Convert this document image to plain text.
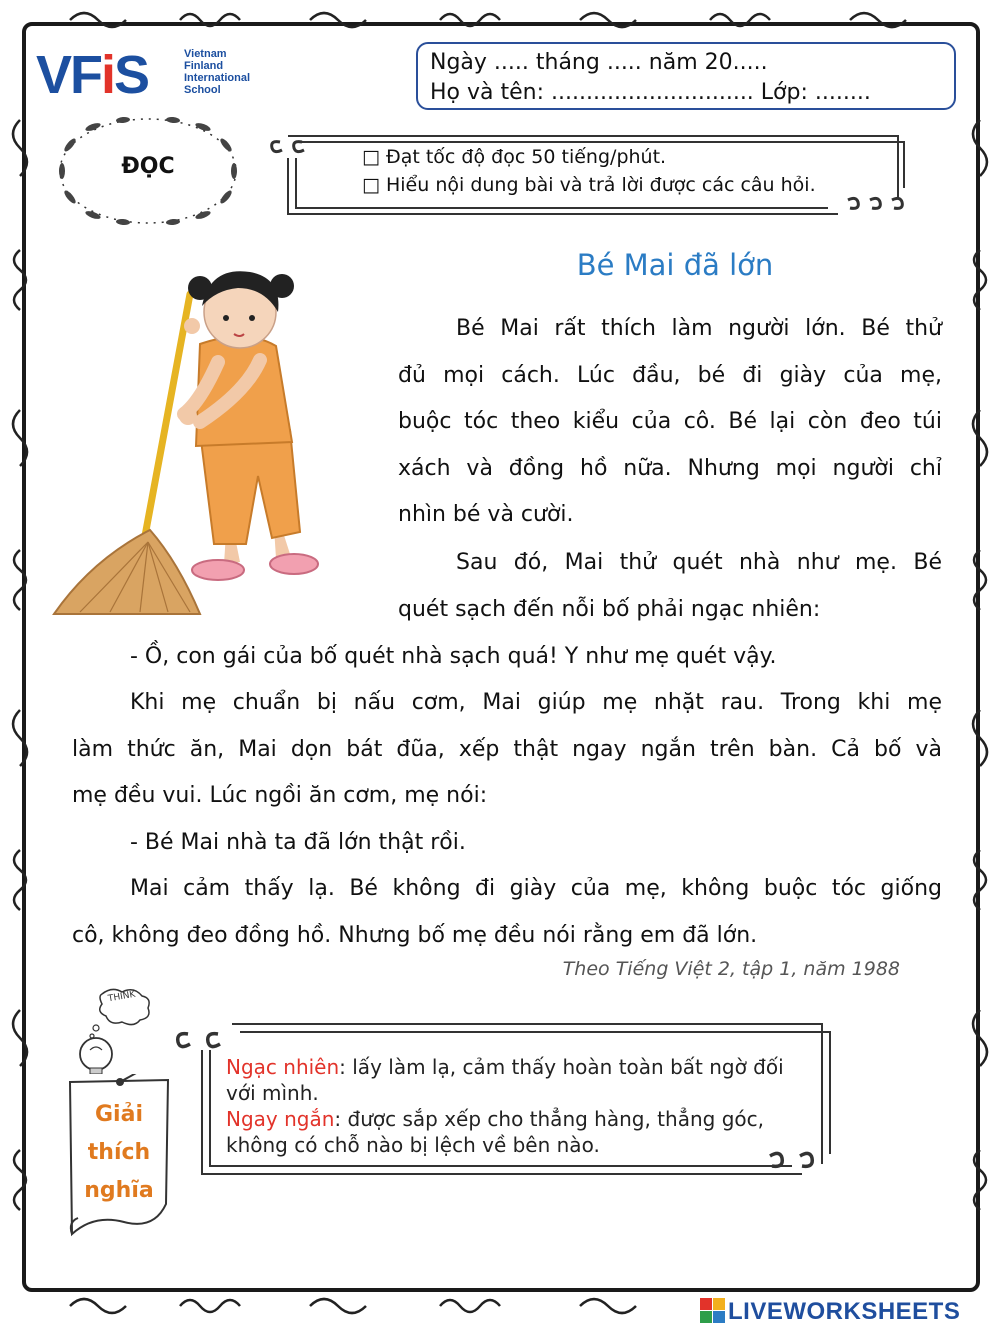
VFiS	Vietnam
Finland
International
School
Ngày ..... tháng ..... năm 20.....
Họ và tên: ............................. Lớp: ........
ĐỌC	□ Đạt tốc độ đọc 50 tiếng/phút.
□ Hiểu nội dung bài và trả lời được các câu hỏi.
Bé Mai đã lớn
Bé Mai rất thích làm người lớn. Bé thử
đủ mọi cách. Lúc đầu, bé đi giày của mẹ,
buộc tóc theo kiểu của cô. Bé lại còn đeo túi
xách và đồng hồ nữa. Nhưng mọi người chỉ
nhìn bé và cười.
Sau đó, Mai thử quét nhà như mẹ. Bé
quét sạch đến nỗi bố phải ngạc nhiên:
- Ồ, con gái của bố quét nhà sạch quá! Y như mẹ quét vậy.
Khi mẹ chuẩn bị nấu cơm, Mai giúp mẹ nhặt rau. Trong khi mẹ
làm thức ăn, Mai dọn bát đũa, xếp thật ngay ngắn trên bàn. Cả bố và
mẹ đều vui. Lúc ngồi ăn cơm, mẹ nói:
- Bé Mai nhà ta đã lớn thật rồi.
Mai cảm thấy lạ. Bé không đi giày của mẹ, không buộc tóc giống
cô, không đeo đồng hồ. Nhưng bố mẹ đều nói rằng em đã lớn.
Theo Tiếng Việt 2, tập 1, năm 1988
THINK
Giải
thích
nghĩa
Ngạc nhiên: lấy làm lạ, cảm thấy hoàn toàn bất ngờ đối với mình.
Ngay ngắn: được sắp xếp cho thẳng hàng, thẳng góc, không có chỗ nào bị lệch về bên nào.
LIVEWORKSHEETS
